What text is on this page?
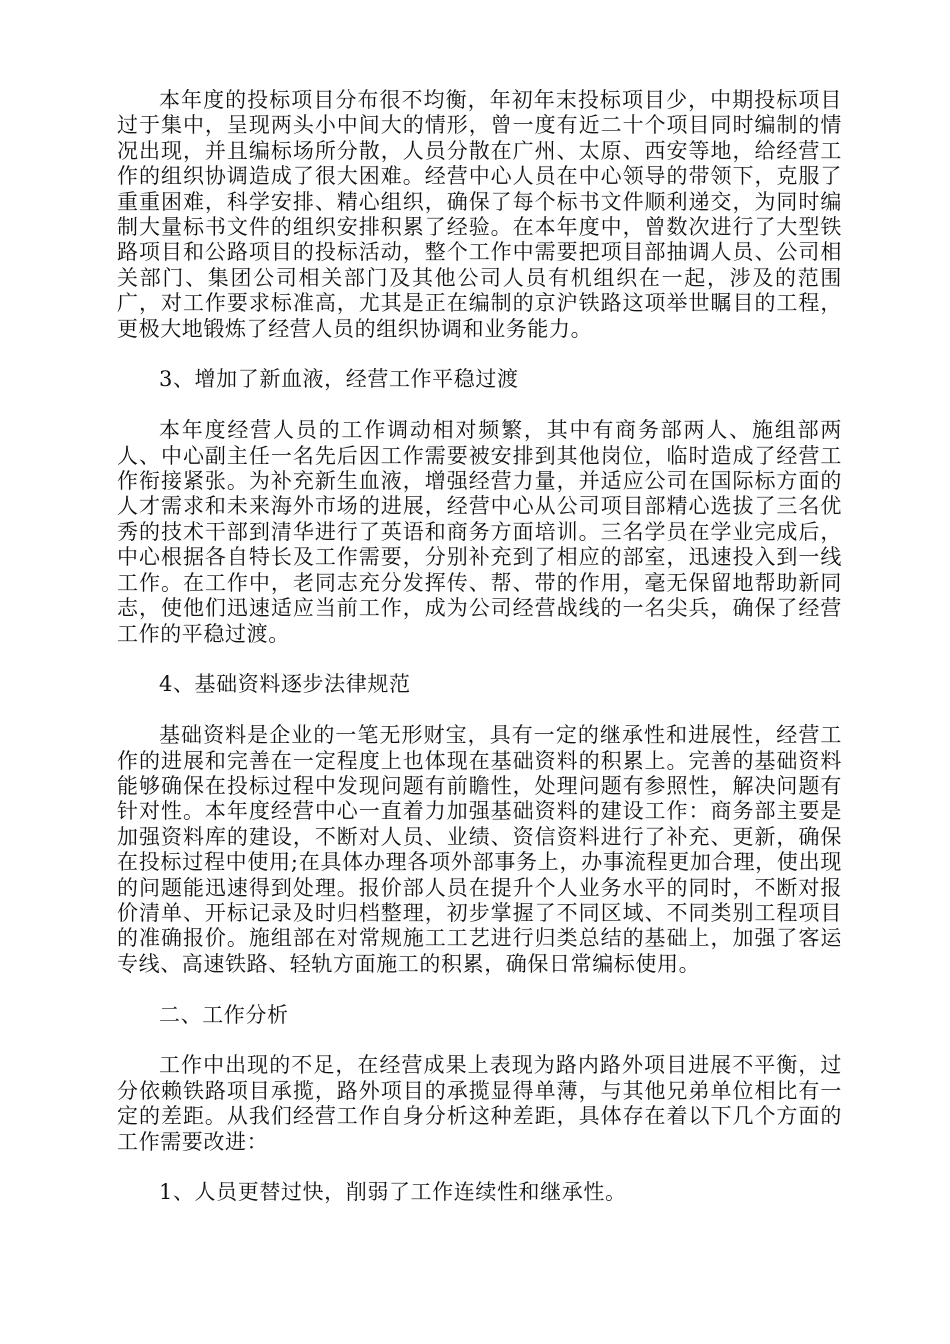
本年度的投标项目分布很不均衡，年初年末投标项目少，中期投标项目过于集中，呈现两头小中间大的情形，曾一度有近二十个项目同时编制的情况出现，并且编标场所分散，人员分散在广州、太原、西安等地，给经营工作的组织协调造成了很大困难。经营中心人员在中心领导的带领下，克服了重重困难，科学安排、精心组织，确保了每个标书文件顺利递交，为同时编制大量标书文件的组织安排积累了经验。在本年度中，曾数次进行了大型铁路项目和公路项目的投标活动，整个工作中需要把项目部抽调人员、公司相关部门、集团公司相关部门及其他公司人员有机组织在一起，涉及的范围广，对工作要求标准高，尤其是正在编制的京沪铁路这项举世瞩目的工程，更极大地锻炼了经营人员的组织协调和业务能力。

3、增加了新血液，经营工作平稳过渡

本年度经营人员的工作调动相对频繁，其中有商务部两人、施组部两人、中心副主任一名先后因工作需要被安排到其他岗位，临时造成了经营工作衔接紧张。为补充新生血液，增强经营力量，并适应公司在国际标方面的人才需求和未来海外市场的进展，经营中心从公司项目部精心选拔了三名优秀的技术干部到清华进行了英语和商务方面培训。三名学员在学业完成后，中心根据各自特长及工作需要，分别补充到了相应的部室，迅速投入到一线工作。在工作中，老同志充分发挥传、帮、带的作用，毫无保留地帮助新同志，使他们迅速适应当前工作，成为公司经营战线的一名尖兵，确保了经营工作的平稳过渡。

4、基础资料逐步法律规范

基础资料是企业的一笔无形财宝，具有一定的继承性和进展性，经营工作的进展和完善在一定程度上也体现在基础资料的积累上。完善的基础资料能够确保在投标过程中发现问题有前瞻性，处理问题有参照性，解决问题有针对性。本年度经营中心一直着力加强基础资料的建设工作：商务部主要是加强资料库的建设，不断对人员、业绩、资信资料进行了补充、更新，确保在投标过程中使用;在具体办理各项外部事务上，办事流程更加合理，使出现的问题能迅速得到处理。报价部人员在提升个人业务水平的同时，不断对报价清单、开标记录及时归档整理，初步掌握了不同区域、不同类别工程项目的准确报价。施组部在对常规施工工艺进行归类总结的基础上，加强了客运专线、高速铁路、轻轨方面施工的积累，确保日常编标使用。

二、工作分析

工作中出现的不足，在经营成果上表现为路内路外项目进展不平衡，过分依赖铁路项目承揽，路外项目的承揽显得单薄，与其他兄弟单位相比有一定的差距。从我们经营工作自身分析这种差距，具体存在着以下几个方面的工作需要改进：

1、人员更替过快，削弱了工作连续性和继承性。
